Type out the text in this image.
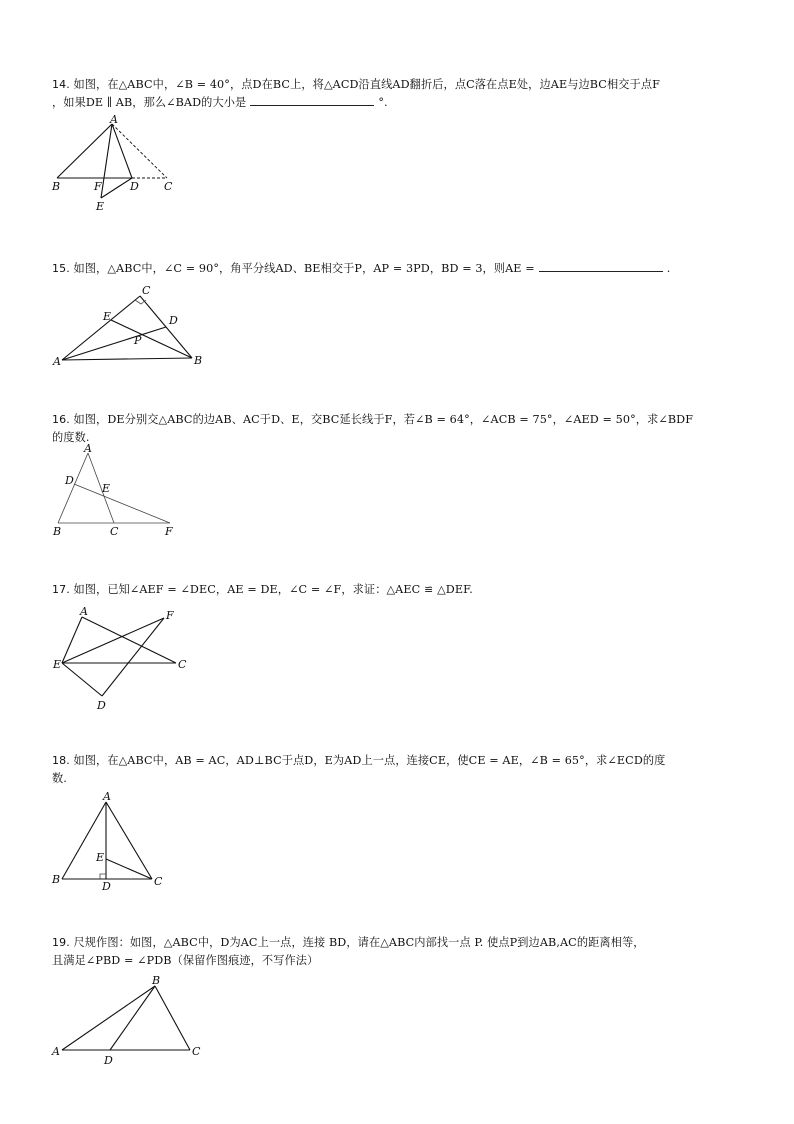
14. 如图，在△ABC中，∠B = 40°，点D在BC上，将△ACD沿直线AD翻折后，点C落在点E处，边AE与边BC相交于点F
，如果DE ∥ AB，那么∠BAD的大小是	°.

A
B	F	D C
E

15. 如图，△ABC中，∠C = 90°，角平分线AD、BE相交于P，AP = 3PD，BD = 3，则AE =	.

C
E	D
P
A	B

16. 如图，DE分别交△ABC的边AB、AC于D、E，交BC延长线于F，若∠B = 64°，∠ACB = 75°，∠AED = 50°，求∠BDF
的度数.

A
D
E
B	C	F

17. 如图，已知∠AEF = ∠DEC，AE = DE，∠C = ∠F，求证：△AEC ≌ △DEF.

A	F
E	C
D

18. 如图，在△ABC中，AB = AC，AD⊥BC于点D，E为AD上一点，连接CE，使CE = AE，∠B = 65°，求∠ECD的度
数.

A
E
B
D	C

19. 尺规作图：如图，△ABC中，D为AC上一点，连接 BD，请在△ABC内部找一点 P. 使点P到边AB,AC的距离相等，
且满足∠PBD = ∠PDB（保留作图痕迹，不写作法）

B
A
D
C
